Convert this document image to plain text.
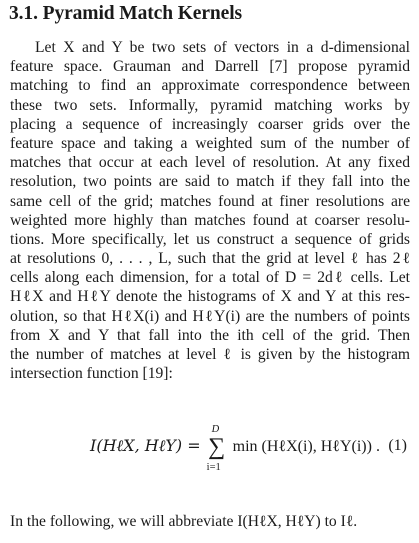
3.1. Pyramid Match Kernels

Let X and Y be two sets of vectors in a d-dimensional
feature space. Grauman and Darrell [7] propose pyramid
matching to find an approximate correspondence between
these two sets. Informally, pyramid matching works by
placing a sequence of increasingly coarser grids over the
feature space and taking a weighted sum of the number of
matches that occur at each level of resolution. At any fixed
resolution, two points are said to match if they fall into the
same cell of the grid; matches found at finer resolutions are
weighted more highly than matches found at coarser resolu-
tions. More specifically, let us construct a sequence of grids
at resolutions 0, . . . , L, such that the grid at level ℓ has 2ℓ
cells along each dimension, for a total of D = 2dℓ cells. Let
HℓX and HℓY denote the histograms of X and Y at this res-
olution, so that HℓX(i) and HℓY(i) are the numbers of points
from X and Y that fall into the ith cell of the grid. Then
the number of matches at level ℓ is given by the histogram
intersection function [19]:

I(HℓX, HℓY) =
D
∑
i=1
min (HℓX(i), HℓY(i)) . (1)
In the following, we will abbreviate I(HℓX, HℓY) to Iℓ.
